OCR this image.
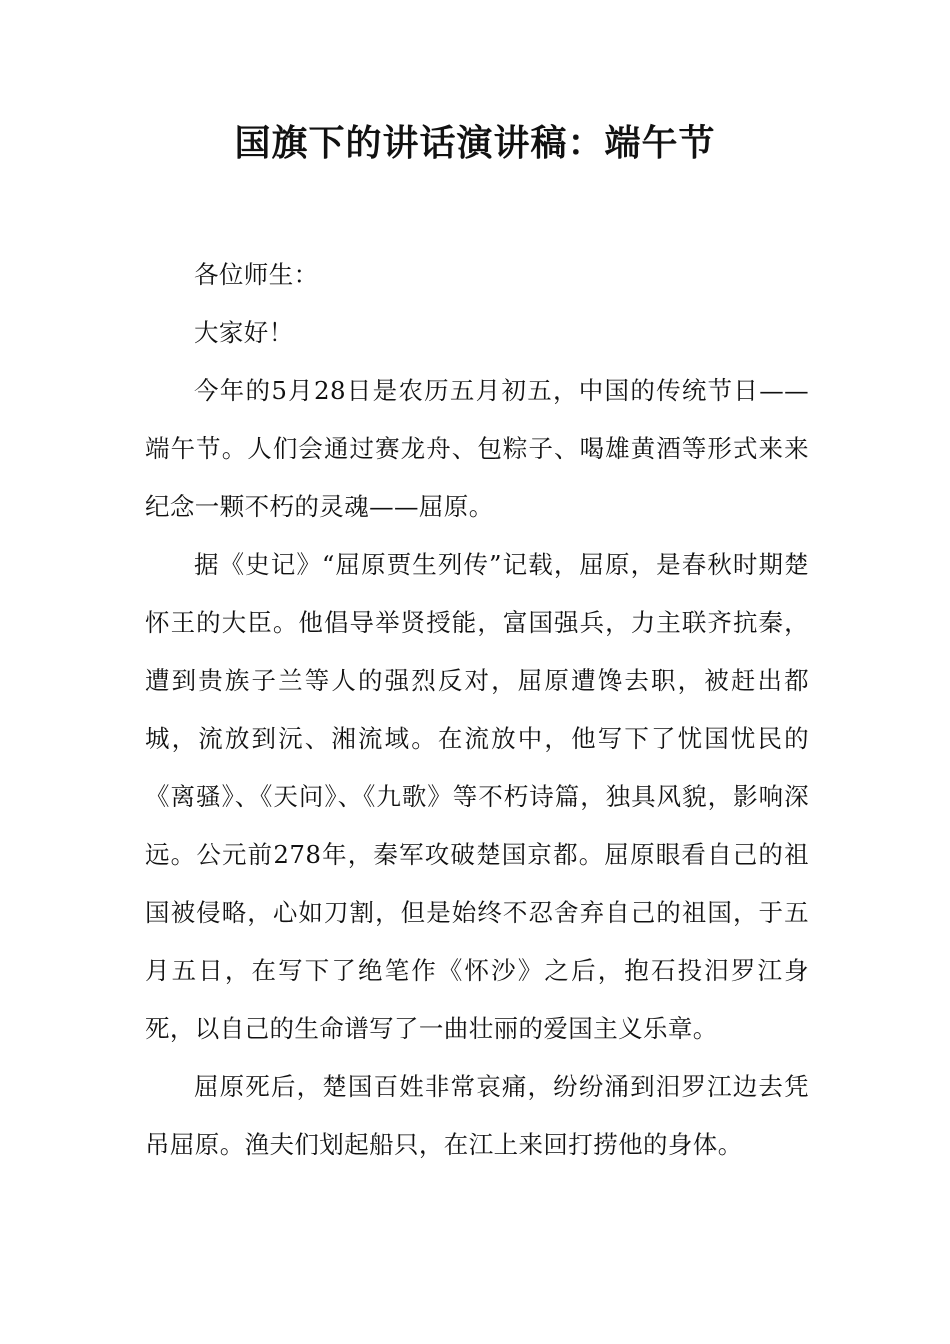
国旗下的讲话演讲稿：端午节

各位师生：

大家好！

今年的5月28日是农历五月初五，中国的传统节日——端午节。人们会通过赛龙舟、包粽子、喝雄黄酒等形式来来纪念一颗不朽的灵魂——屈原。

据《史记》“屈原贾生列传”记载，屈原，是春秋时期楚怀王的大臣。他倡导举贤授能，富国强兵，力主联齐抗秦，遭到贵族子兰等人的强烈反对，屈原遭馋去职，被赶出都城，流放到沅、湘流域。在流放中，他写下了忧国忧民的《离骚》、《天问》、《九歌》等不朽诗篇，独具风貌，影响深远。公元前278年，秦军攻破楚国京都。屈原眼看自己的祖国被侵略，心如刀割，但是始终不忍舍弃自己的祖国，于五月五日，在写下了绝笔作《怀沙》之后，抱石投汨罗江身死，以自己的生命谱写了一曲壮丽的爱国主义乐章。

屈原死后，楚国百姓非常哀痛，纷纷涌到汨罗江边去凭吊屈原。渔夫们划起船只，在江上来回打捞他的身体。
